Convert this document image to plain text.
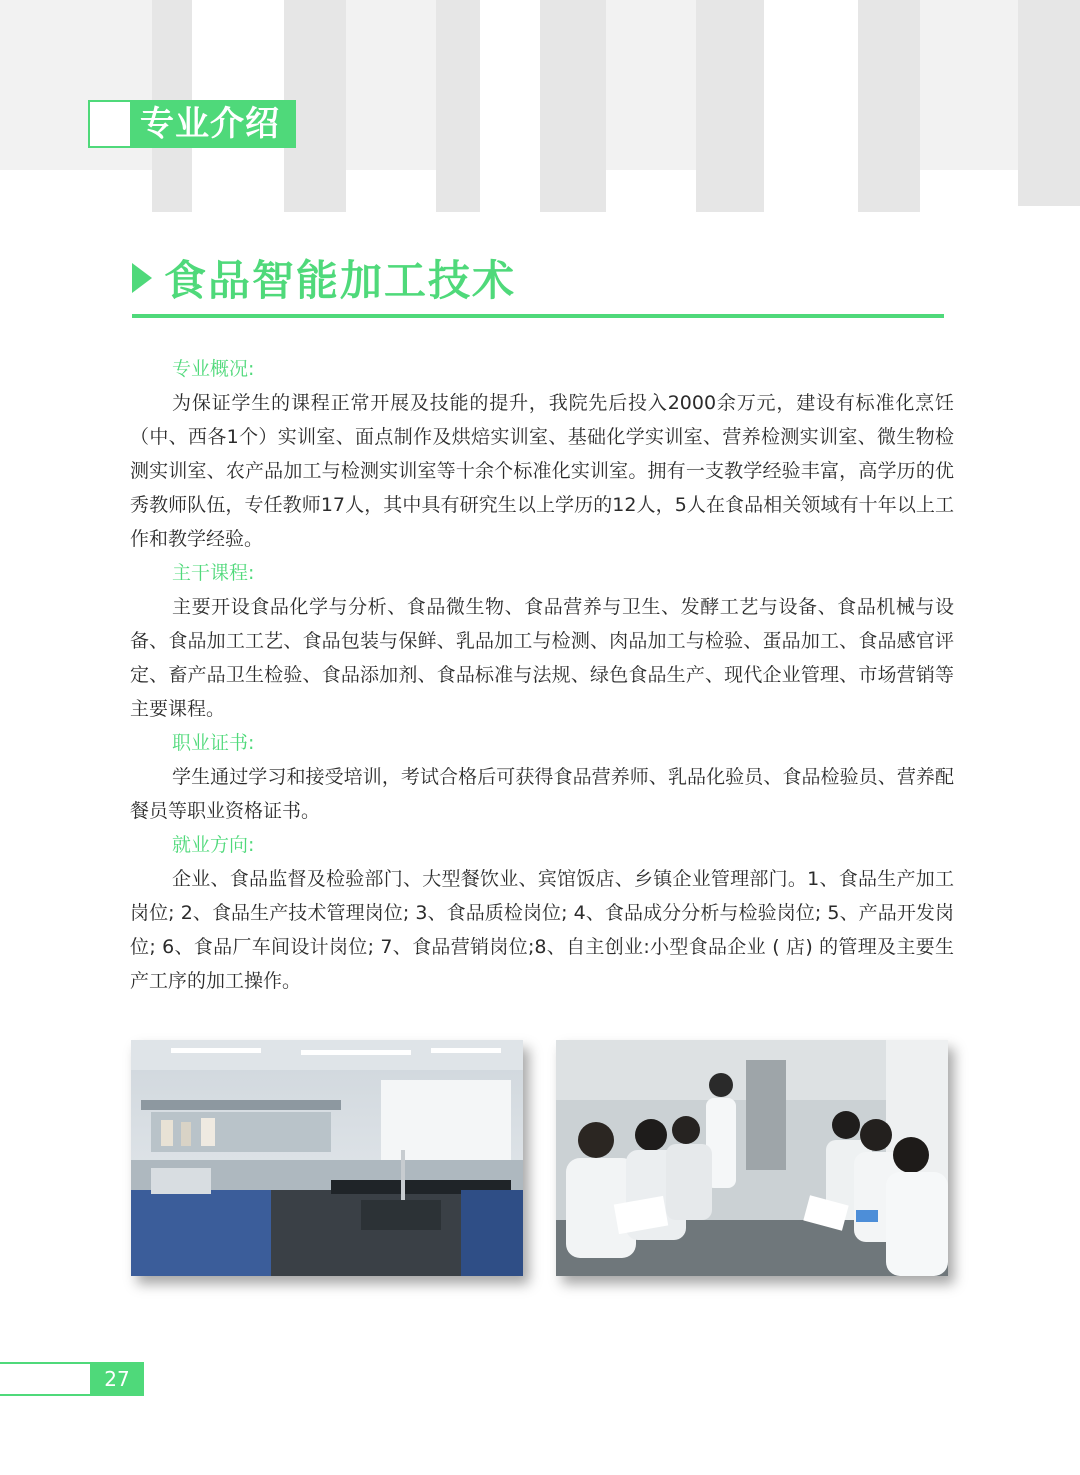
专业介绍
食品智能加工技术
专业概况:
为保证学生的课程正常开展及技能的提升，我院先后投入2000余万元，建设有标准化烹饪（中、西各1个）实训室、面点制作及烘焙实训室、基础化学实训室、营养检测实训室、微生物检测实训室、农产品加工与检测实训室等十余个标准化实训室。拥有一支教学经验丰富，高学历的优秀教师队伍，专任教师17人，其中具有研究生以上学历的12人，5人在食品相关领域有十年以上工作和教学经验。
主干课程:
主要开设食品化学与分析、食品微生物、食品营养与卫生、发酵工艺与设备、食品机械与设备、食品加工工艺、食品包装与保鲜、乳品加工与检测、肉品加工与检验、蛋品加工、食品感官评定、畜产品卫生检验、食品添加剂、食品标准与法规、绿色食品生产、现代企业管理、市场营销等主要课程。
职业证书:
学生通过学习和接受培训，考试合格后可获得食品营养师、乳品化验员、食品检验员、营养配餐员等职业资格证书。
就业方向:
企业、食品监督及检验部门、大型餐饮业、宾馆饭店、乡镇企业管理部门。1、食品生产加工岗位; 2、食品生产技术管理岗位; 3、食品质检岗位; 4、食品成分分析与检验岗位; 5、产品开发岗位; 6、食品厂车间设计岗位; 7、食品营销岗位;8、自主创业:小型食品企业 ( 店) 的管理及主要生产工序的加工操作。
27
